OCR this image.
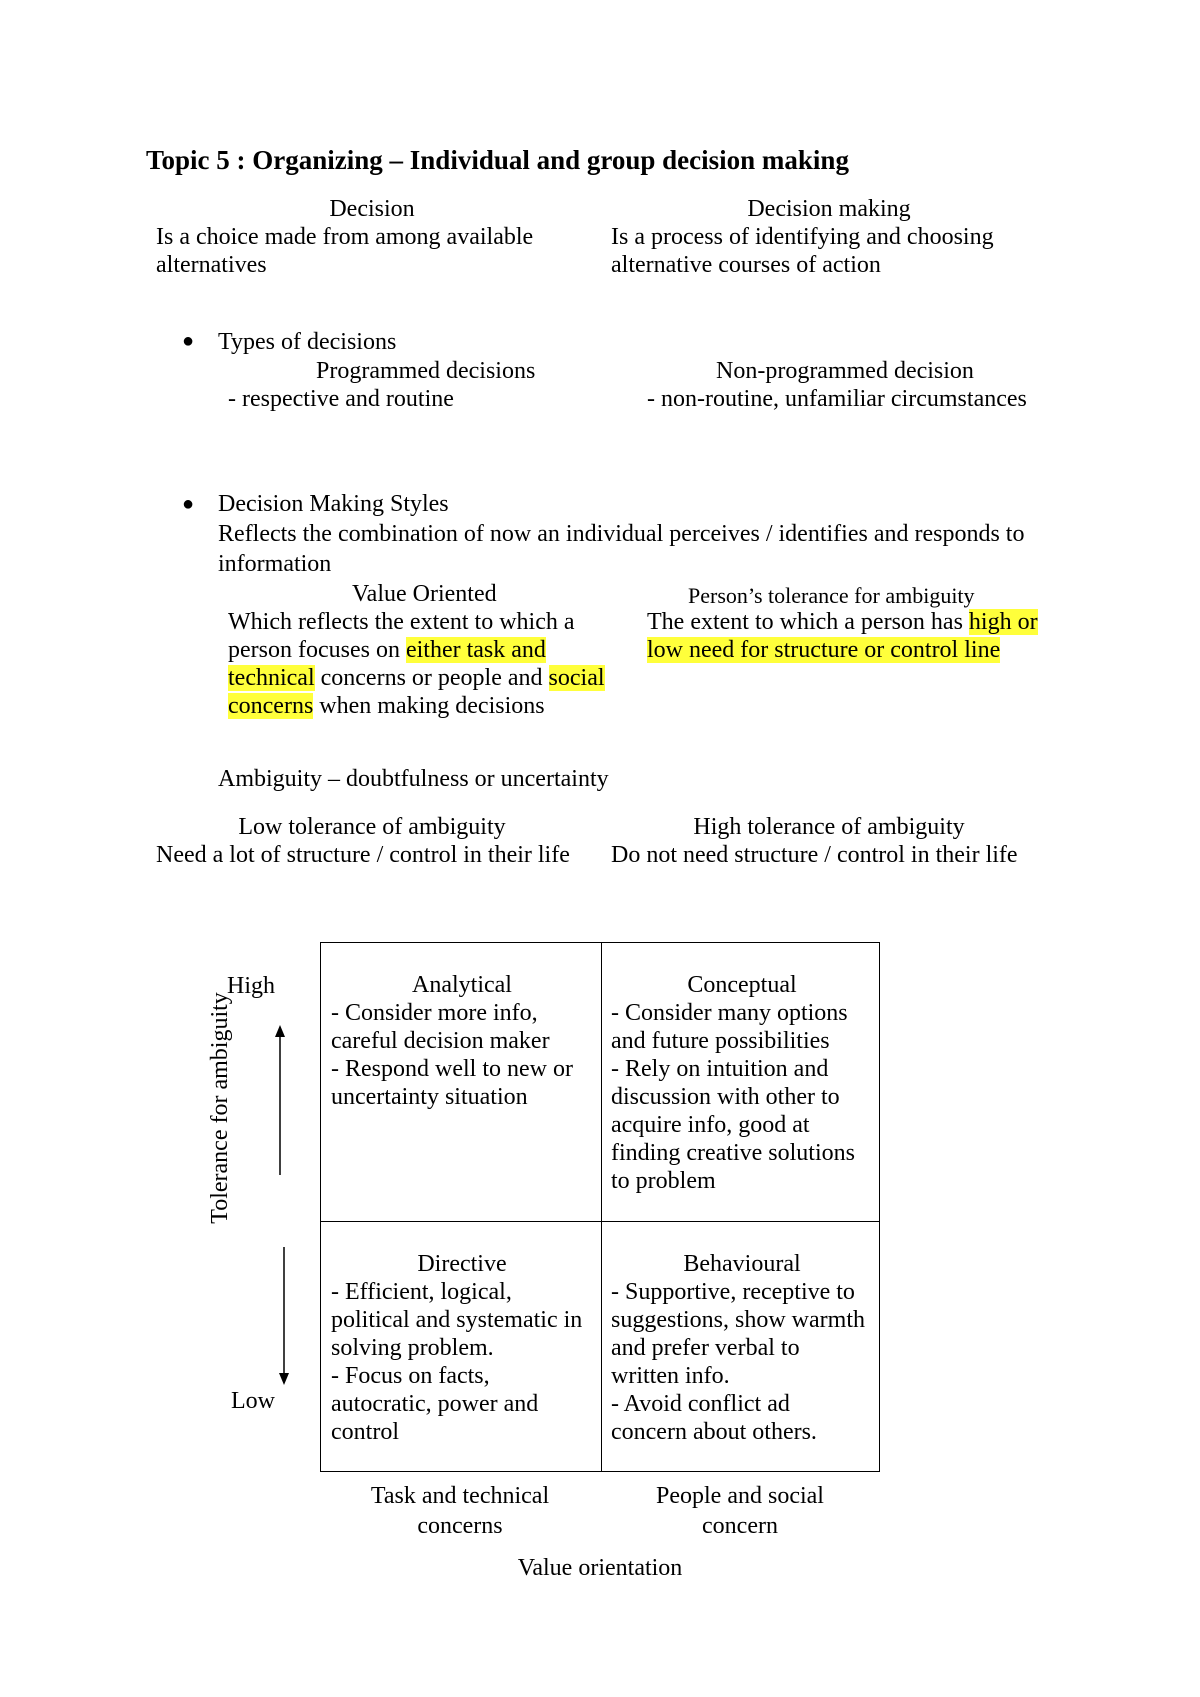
Topic 5 : Organizing – Individual and group decision making
Decision
Is a choice made from among available
alternatives
Decision making
Is a process of identifying and choosing
alternative courses of action
● Types of decisions
Programmed decisions
- respective and routine
Non-programmed decision
- non-routine, unfamiliar circumstances
● Decision Making Styles
Reflects the combination of now an individual perceives / identifies and responds to
information
Value Oriented
Which reflects the extent to which a
person focuses on either task and
technical concerns or people and social
concerns when making decisions
Person’s tolerance for ambiguity
The extent to which a person has high or
low need for structure or control line
Ambiguity – doubtfulness or uncertainty
Low tolerance of ambiguity
Need a lot of structure / control in their life
High tolerance of ambiguity
Do not need structure / control in their life
High
Low
Tolerance for ambiguity
Analytical
- Consider more info,
careful decision maker
- Respond well to new or
uncertainty situation
Conceptual
- Consider many options
and future possibilities
- Rely on intuition and
discussion with other to
acquire info, good at
finding creative solutions
to problem
Directive
- Efficient, logical,
political and systematic in
solving problem.
- Focus on facts,
autocratic, power and
control
Behavioural
- Supportive, receptive to
suggestions, show warmth
and prefer verbal to
written info.
- Avoid conflict ad
concern about others.
Task and technical
concerns
People and social
concern
Value orientation
